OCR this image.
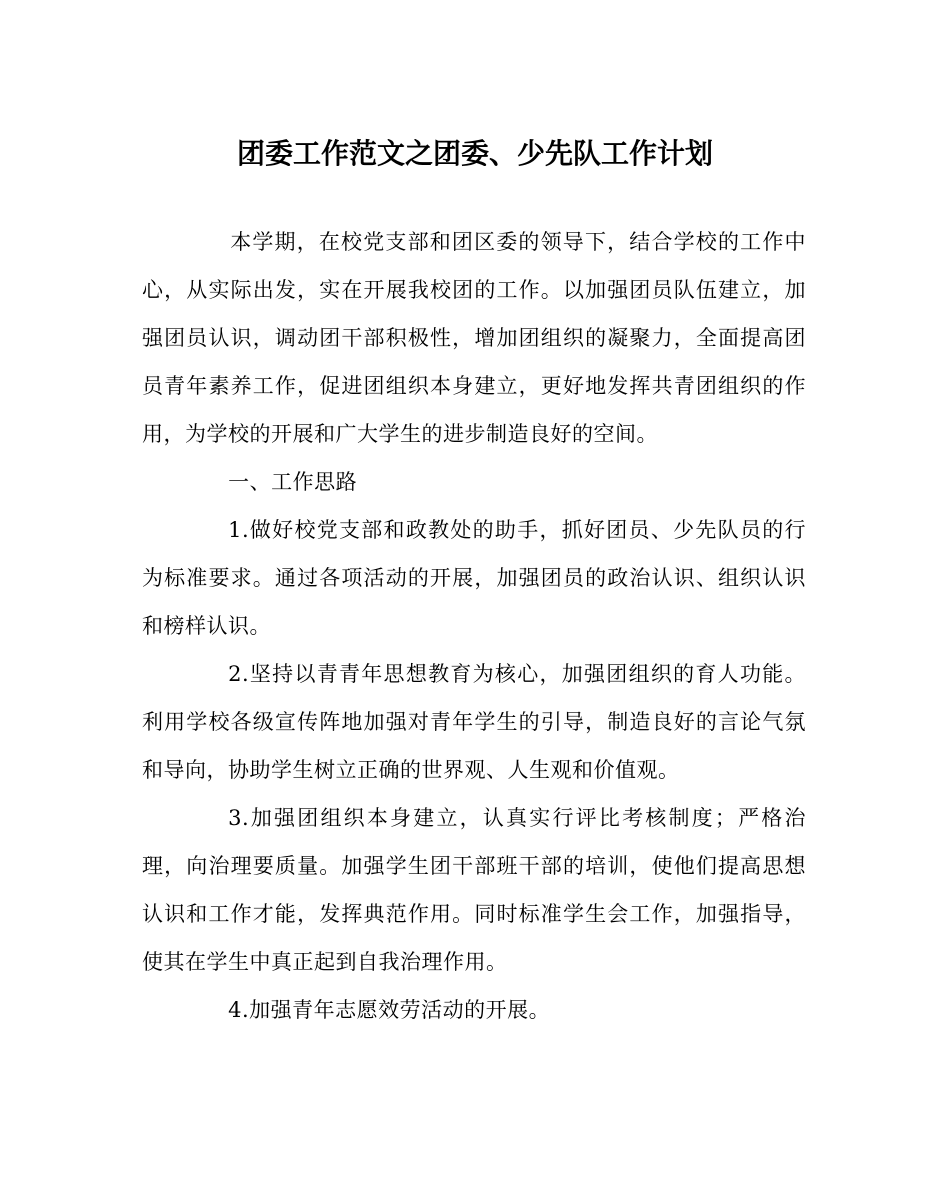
团委工作范文之团委、少先队工作计划

本学期，在校党支部和团区委的领导下，结合学校的工作中心，从实际出发，实在开展我校团的工作。以加强团员队伍建立，加强团员认识，调动团干部积极性，增加团组织的凝聚力，全面提高团员青年素养工作，促进团组织本身建立，更好地发挥共青团组织的作用，为学校的开展和广大学生的进步制造良好的空间。

一、工作思路

1.做好校党支部和政教处的助手，抓好团员、少先队员的行为标准要求。通过各项活动的开展，加强团员的政治认识、组织认识和榜样认识。

2.坚持以青青年思想教育为核心，加强团组织的育人功能。利用学校各级宣传阵地加强对青年学生的引导，制造良好的言论气氛和导向，协助学生树立正确的世界观、人生观和价值观。

3.加强团组织本身建立，认真实行评比考核制度；严格治理，向治理要质量。加强学生团干部班干部的培训，使他们提高思想认识和工作才能，发挥典范作用。同时标准学生会工作，加强指导，使其在学生中真正起到自我治理作用。

4.加强青年志愿效劳活动的开展。
